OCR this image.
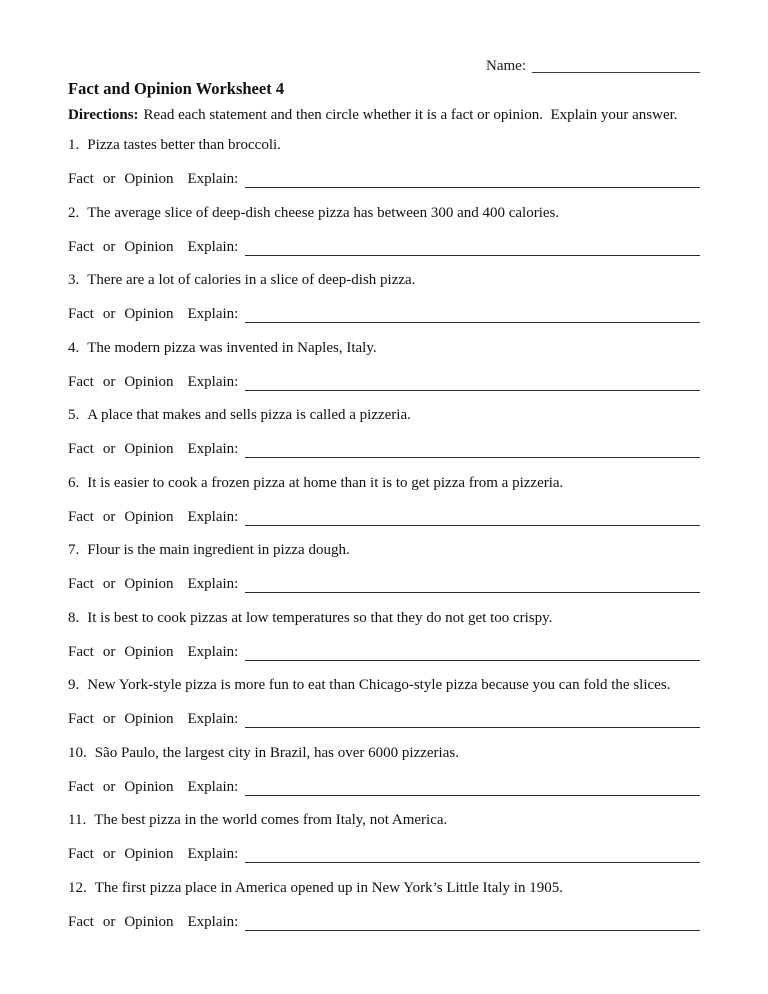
Name:
Fact and Opinion Worksheet 4
Directions: Read each statement and then circle whether it is a fact or opinion.  Explain your answer.

1. Pizza tastes better than broccoli.

Fact or Opinion Explain:

2. The average slice of deep-dish cheese pizza has between 300 and 400 calories.

Fact or Opinion Explain:

3. There are a lot of calories in a slice of deep-dish pizza.

Fact or Opinion Explain:

4. The modern pizza was invented in Naples, Italy.

Fact or Opinion Explain:

5. A place that makes and sells pizza is called a pizzeria.

Fact or Opinion Explain:

6. It is easier to cook a frozen pizza at home than it is to get pizza from a pizzeria.

Fact or Opinion Explain:

7. Flour is the main ingredient in pizza dough.

Fact or Opinion Explain:

8. It is best to cook pizzas at low temperatures so that they do not get too crispy.

Fact or Opinion Explain:

9. New York-style pizza is more fun to eat than Chicago-style pizza because you can fold the slices.

Fact or Opinion Explain:

10. São Paulo, the largest city in Brazil, has over 6000 pizzerias.

Fact or Opinion Explain:

11. The best pizza in the world comes from Italy, not America.

Fact or Opinion Explain:

12. The first pizza place in America opened up in New York’s Little Italy in 1905.

Fact or Opinion Explain:
